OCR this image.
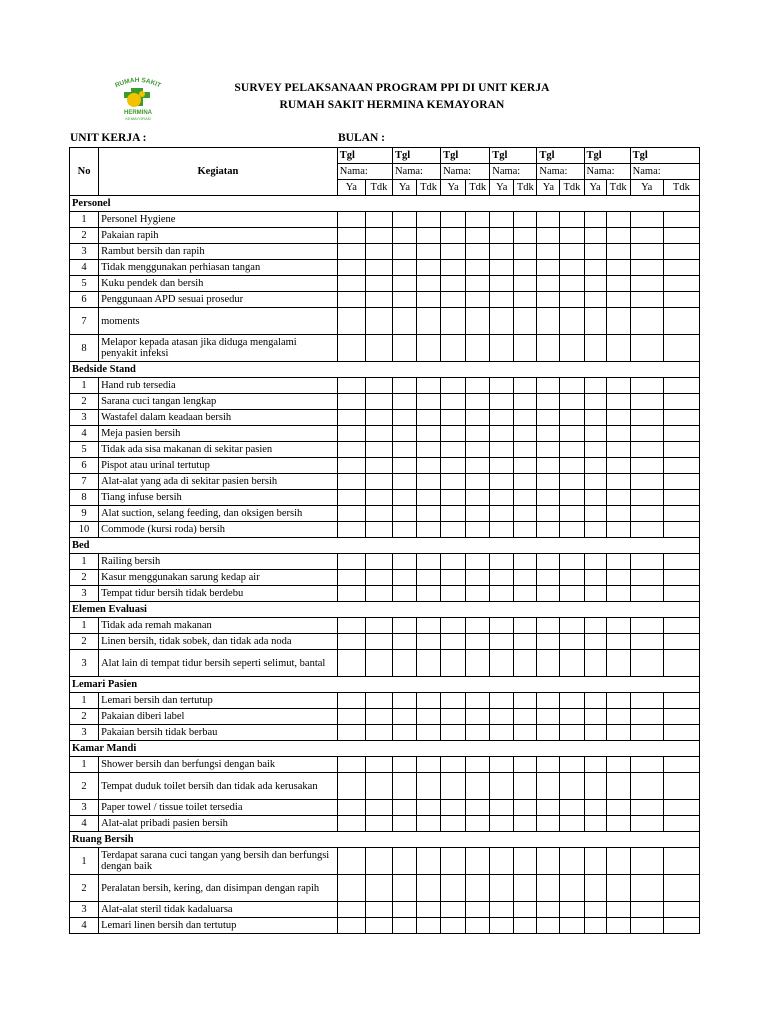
RUMAH SAKIT
HERMINA
KEMAYORAN
SURVEY PELAKSANAAN PROGRAM PPI DI UNIT KERJA
RUMAH SAKIT HERMINA KEMAYORAN
UNIT KERJA :	BULAN :
No	Kegiatan	Tgl		Tgl		Tgl		Tgl		Tgl		Tgl		Tgl	
		Nama:		Nama:		Nama:		Nama:		Nama:		Nama:		Nama:	
		Ya	Tdk	Ya	Tdk	Ya	Tdk	Ya	Tdk	Ya	Tdk	Ya	Tdk	Ya	Tdk
Personel															
1	Personel Hygiene														
2	Pakaian rapih														
3	Rambut bersih dan rapih														
4	Tidak menggunakan perhiasan tangan														
5	Kuku pendek dan bersih														
6	Penggunaan APD sesuai prosedur														
7	moments														
8	Melapor kepada atasan jika diduga mengalami penyakit infeksi														
Bedside Stand															
1	Hand rub tersedia														
2	Sarana cuci tangan lengkap														
3	Wastafel dalam keadaan bersih														
4	Meja pasien bersih														
5	Tidak ada sisa makanan di sekitar pasien														
6	Pispot atau urinal tertutup														
7	Alat-alat yang ada di sekitar pasien bersih														
8	Tiang infuse bersih														
9	Alat suction, selang feeding, dan oksigen bersih														
10	Commode (kursi roda) bersih														
Bed															
1	Railing bersih														
2	Kasur menggunakan sarung kedap air														
3	Tempat tidur bersih tidak berdebu														
Elemen Evaluasi															
1	Tidak ada remah makanan														
2	Linen bersih, tidak sobek, dan tidak ada noda														
3	Alat lain di tempat tidur bersih seperti selimut, bantal														
Lemari Pasien															
1	Lemari bersih dan tertutup														
2	Pakaian diberi label														
3	Pakaian bersih tidak berbau														
Kamar Mandi															
1	Shower bersih dan berfungsi dengan baik														
2	Tempat duduk toilet bersih dan tidak ada kerusakan														
3	Paper towel / tissue toilet tersedia														
4	Alat-alat pribadi pasien bersih														
Ruang Bersih															
1	Terdapat sarana cuci tangan yang bersih dan berfungsi dengan baik														
2	Peralatan bersih, kering, dan disimpan dengan rapih														
3	Alat-alat steril tidak kadaluarsa														
4	Lemari linen bersih dan tertutup														
